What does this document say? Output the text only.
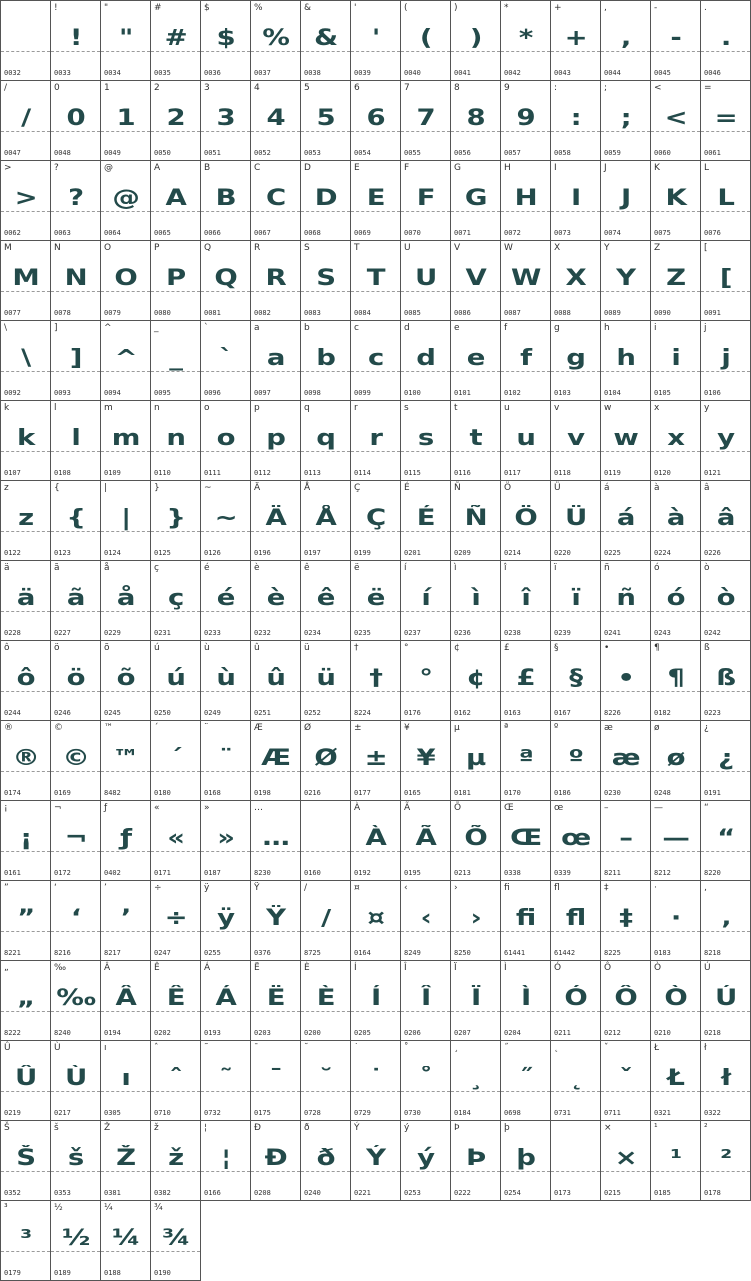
0032
!
!
0033
"
"
0034
#
#
0035
$
$
0036
%
%
0037
&
&
0038
'
'
0039
(
(
0040
)
)
0041
*
*
0042
+
+
0043
,
,
0044
-
-
0045
.
.
0046
/
/
0047
0
0
0048
1
1
0049
2
2
0050
3
3
0051
4
4
0052
5
5
0053
6
6
0054
7
7
0055
8
8
0056
9
9
0057
:
:
0058
;
;
0059
<
<
0060
=
=
0061
>
>
0062
?
?
0063
@
@
0064
A
A
0065
B
B
0066
C
C
0067
D
D
0068
E
E
0069
F
F
0070
G
G
0071
H
H
0072
I
I
0073
J
J
0074
K
K
0075
L
L
0076
M
M
0077
N
N
0078
O
O
0079
P
P
0080
Q
Q
0081
R
R
0082
S
S
0083
T
T
0084
U
U
0085
V
V
0086
W
W
0087
X
X
0088
Y
Y
0089
Z
Z
0090
[
[
0091
\
\
0092
]
]
0093
^
^
0094
_
_
0095
`
`
0096
a
a
0097
b
b
0098
c
c
0099
d
d
0100
e
e
0101
f
f
0102
g
g
0103
h
h
0104
i
i
0105
j
j
0106
k
k
0107
l
l
0108
m
m
0109
n
n
0110
o
o
0111
p
p
0112
q
q
0113
r
r
0114
s
s
0115
t
t
0116
u
u
0117
v
v
0118
w
w
0119
x
x
0120
y
y
0121
z
z
0122
{
{
0123
|
|
0124
}
}
0125
~
~
0126
Ä
Ä
0196
Å
Å
0197
Ç
Ç
0199
É
É
0201
Ñ
Ñ
0209
Ö
Ö
0214
Ü
Ü
0220
á
á
0225
à
à
0224
â
â
0226
ä
ä
0228
ã
ã
0227
å
å
0229
ç
ç
0231
é
é
0233
è
è
0232
ê
ê
0234
ë
ë
0235
í
í
0237
ì
ì
0236
î
î
0238
ï
ï
0239
ñ
ñ
0241
ó
ó
0243
ò
ò
0242
ô
ô
0244
ö
ö
0246
õ
õ
0245
ú
ú
0250
ù
ù
0249
û
û
0251
ü
ü
0252
†
†
8224
°
°
0176
¢
¢
0162
£
£
0163
§
§
0167
•
•
8226
¶
¶
0182
ß
ß
0223
®
®
0174
©
©
0169
™
™
8482
´
´
0180
¨
¨
0168
Æ
Æ
0198
Ø
Ø
0216
±
±
0177
¥
¥
0165
µ
µ
0181
ª
ª
0170
º
º
0186
æ
æ
0230
ø
ø
0248
¿
¿
0191
¡
¡
0161
¬
¬
0172
ƒ
ƒ
0402
«
«
0171
»
»
0187
…
…
8230	0160
À
À
0192
Ã
Ã
0195
Õ
Õ
0213
Œ
Œ
0338
œ
œ
0339
–
–
8211
—
—
8212
“
“
8220
”
”
8221
‘
‘
8216
’
’
8217
÷
÷
0247
ÿ
ÿ
0255
Ÿ
Ÿ
0376
∕
∕
8725
¤
¤
0164
‹
‹
8249
›
›
8250
ﬁ
ﬁ
61441
ﬂ
ﬂ
61442
‡
‡
8225
·
·
0183
‚
‚
8218
„
„
8222
‰
‰
8240
Â
Â
0194
Ê
Ê
0202
Á
Á
0193
Ë
Ë
0203
È
È
0200
Í
Í
0205
Î
Î
0206
Ï
Ï
0207
Ì
Ì
0204
Ó
Ó
0211
Ô
Ô
0212
Ò
Ò
0210
Ú
Ú
0218
Û
Û
0219
Ù
Ù
0217
ı
ı
0305
ˆ
ˆ
0710
˜
˜
0732
¯
¯
0175
˘
˘
0728
˙
˙
0729
˚
˚
0730
¸
¸
0184
˝
˝
0698
˛
˛
0731
ˇ
ˇ
0711
Ł
Ł
0321
ł
ł
0322
Š
Š
0352
š
š
0353
Ž
Ž
0381
ž
ž
0382
¦
¦
0166
Ð
Ð
0208
ð
ð
0240
Ý
Ý
0221
ý
ý
0253
Þ
Þ
0222
þ
þ
0254	0173
×
×
0215
¹
¹
0185
²
²
0178
³
³
0179
½
½
0189
¼
¼
0188
¾
¾
0190
